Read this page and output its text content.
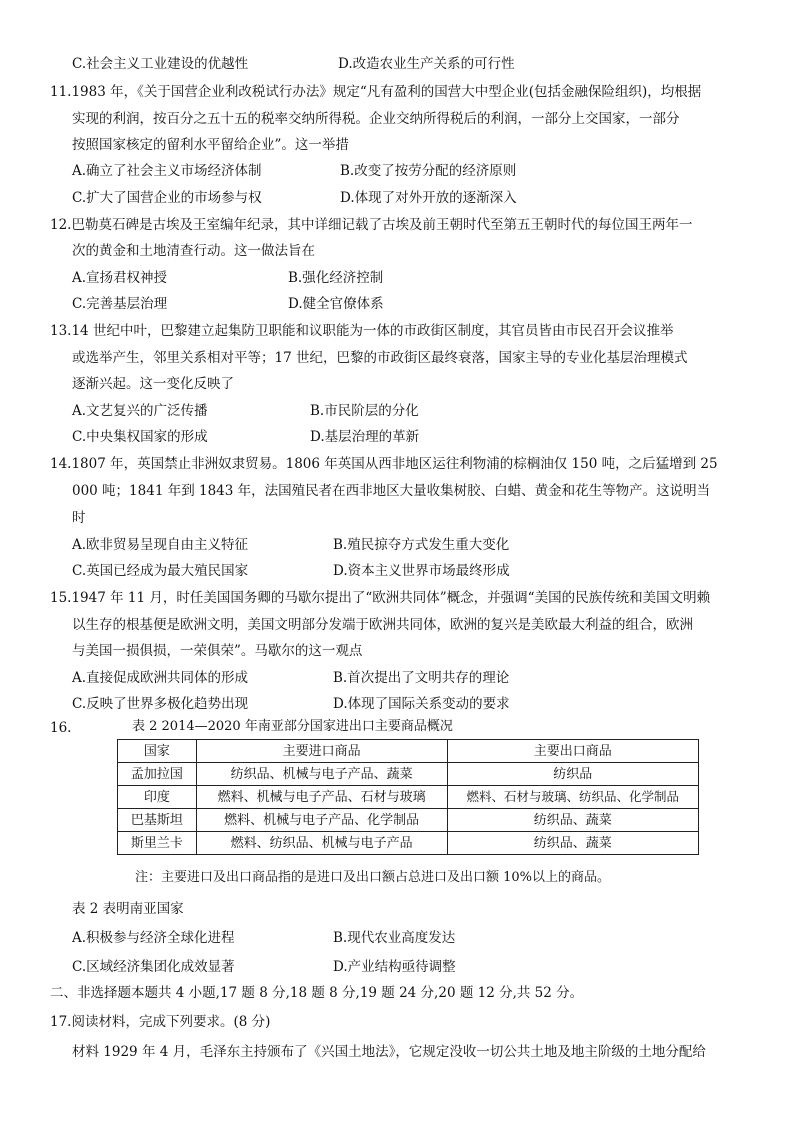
C.社会主义工业建设的优越性	D.改造农业生产关系的可行性
11.1983 年，《关于国营企业利改税试行办法》规定“凡有盈利的国营大中型企业(包括金融保险组织)，均根据
实现的利润，按百分之五十五的税率交纳所得税。企业交纳所得税后的利润，一部分上交国家，一部分
按照国家核定的留利水平留给企业”。这一举措
A.确立了社会主义市场经济体制	B.改变了按劳分配的经济原则
C.扩大了国营企业的市场参与权	D.体现了对外开放的逐渐深入
12.巴勒莫石碑是古埃及王室编年纪录，其中详细记载了古埃及前王朝时代至第五王朝时代的每位国王两年一
次的黄金和土地清查行动。这一做法旨在
A.宣扬君权神授	B.强化经济控制
C.完善基层治理	D.健全官僚体系
13.14 世纪中叶，巴黎建立起集防卫职能和议职能为一体的市政街区制度，其官员皆由市民召开会议推举
或选举产生，邻里关系相对平等；17 世纪，巴黎的市政街区最终衰落，国家主导的专业化基层治理模式
逐渐兴起。这一变化反映了
A.文艺复兴的广泛传播	B.市民阶层的分化
C.中央集权国家的形成	D.基层治理的革新
14.1807 年，英国禁止非洲奴隶贸易。1806 年英国从西非地区运往利物浦的棕榈油仅 150 吨，之后猛增到 25
000 吨；1841 年到 1843 年，法国殖民者在西非地区大量收集树胶、白蜡、黄金和花生等物产。这说明当
时
A.欧非贸易呈现自由主义特征	B.殖民掠夺方式发生重大变化
C.英国已经成为最大殖民国家	D.资本主义世界市场最终形成
15.1947 年 11 月，时任美国国务卿的马歇尔提出了“欧洲共同体”概念，并强调“美国的民族传统和美国文明赖
以生存的根基便是欧洲文明，美国文明部分发端于欧洲共同体，欧洲的复兴是美欧最大利益的组合，欧洲
与美国一损俱损，一荣俱荣”。马歇尔的这一观点
A.直接促成欧洲共同体的形成	B.首次提出了文明共存的理论
C.反映了世界多极化趋势出现	D.体现了国际关系变动的要求
16.	表 2 2014—2020 年南亚部分国家进出口主要商品概况
国家	主要进口商品	主要出口商品
孟加拉国	纺织品、机械与电子产品、蔬菜	纺织品
印度	燃料、机械与电子产品、石材与玻璃	燃料、石材与玻璃、纺织品、化学制品
巴基斯坦	燃料、机械与电子产品、化学制品	纺织品、蔬菜
斯里兰卡	燃料、纺织品、机械与电子产品	纺织品、蔬菜
注：主要进口及出口商品指的是进口及出口额占总进口及出口额 10%以上的商品。
表 2 表明南亚国家
A.积极参与经济全球化进程	B.现代农业高度发达
C.区域经济集团化成效显著	D.产业结构亟待调整
二、非选择题本题共 4 小题,17 题 8 分,18 题 8 分,19 题 24 分,20 题 12 分,共 52 分。
17.阅读材料，完成下列要求。(8 分)
材料 1929 年 4 月，毛泽东主持颁布了《兴国土地法》，它规定没收一切公共土地及地主阶级的土地分配给
